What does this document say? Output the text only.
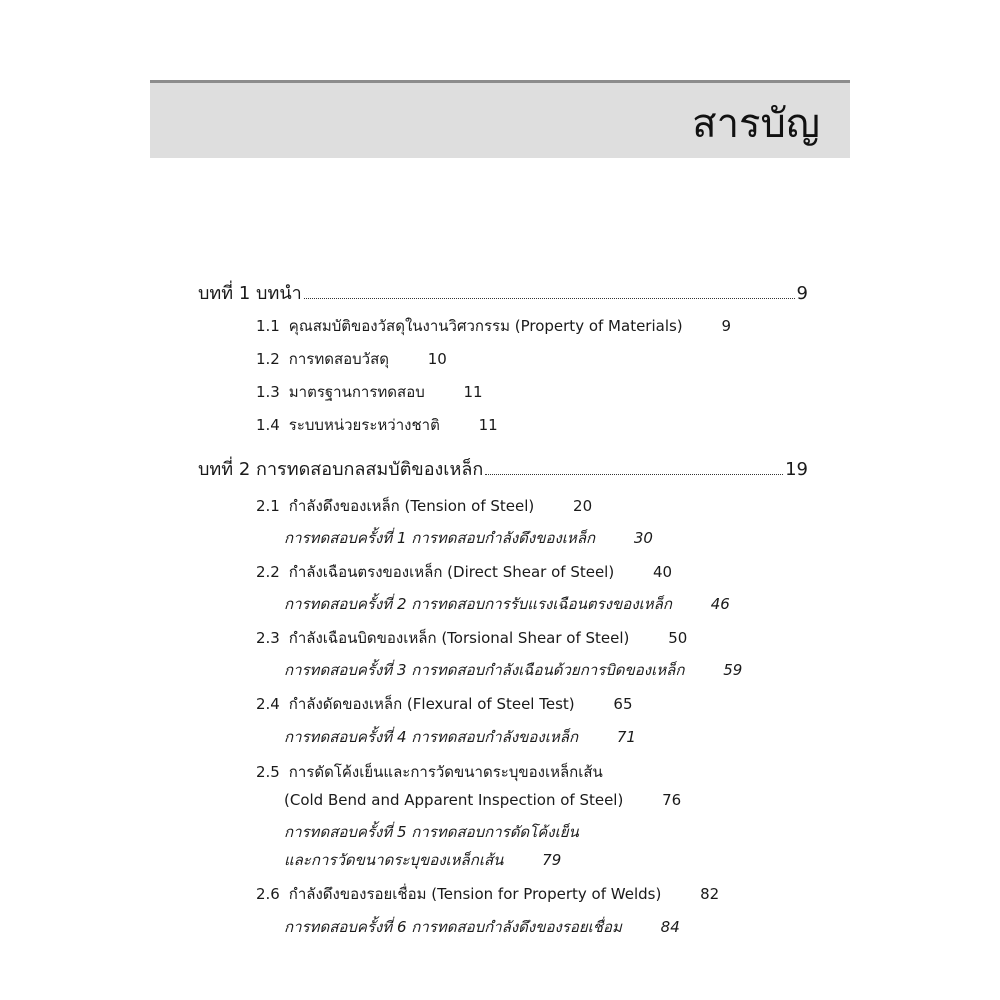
สารบัญ
บทที่ 1 บทนำ	9
1.1 คุณสมบัติของวัสดุในงานวิศวกรรม (Property of Materials)	9
1.2 การทดสอบวัสดุ	10
1.3 มาตรฐานการทดสอบ	11
1.4 ระบบหน่วยระหว่างชาติ	11
บทที่ 2 การทดสอบกลสมบัติของเหล็ก	19
2.1 กำลังดึงของเหล็ก (Tension of Steel)	20
การทดสอบครั้งที่ 1 การทดสอบกำลังดึงของเหล็ก	30
2.2 กำลังเฉือนตรงของเหล็ก (Direct Shear of Steel)	40
การทดสอบครั้งที่ 2 การทดสอบการรับแรงเฉือนตรงของเหล็ก	46
2.3 กำลังเฉือนบิดของเหล็ก (Torsional Shear of Steel)	50
การทดสอบครั้งที่ 3 การทดสอบกำลังเฉือนด้วยการบิดของเหล็ก	59
2.4 กำลังดัดของเหล็ก (Flexural of Steel Test)	65
การทดสอบครั้งที่ 4 การทดสอบกำลังของเหล็ก	71
2.5 การดัดโค้งเย็นและการวัดขนาดระบุของเหล็กเส้น
(Cold Bend and Apparent Inspection of Steel)	76
การทดสอบครั้งที่ 5 การทดสอบการดัดโค้งเย็น
และการวัดขนาดระบุของเหล็กเส้น	79
2.6 กำลังดึงของรอยเชื่อม (Tension for Property of Welds)	82
การทดสอบครั้งที่ 6 การทดสอบกำลังดึงของรอยเชื่อม	84
